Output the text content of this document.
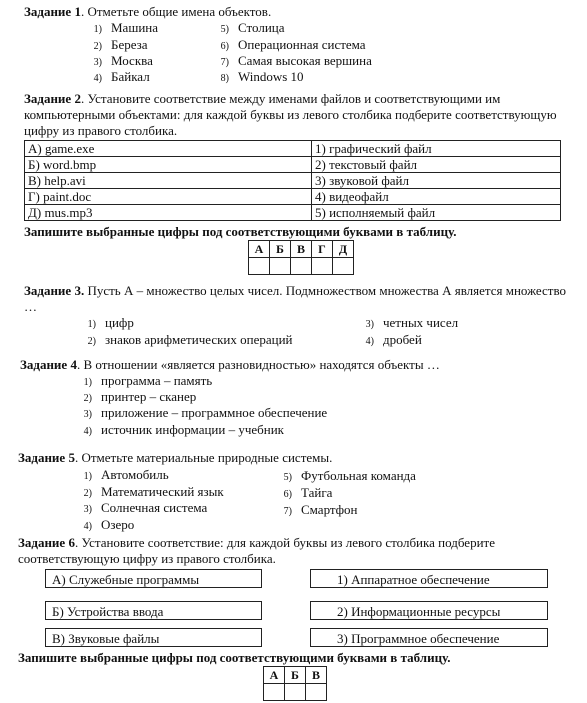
Задание 1. Отметьте общие имена объектов.
1) Машина
2) Береза
3) Москва
4) Байкал
5) Столица
6) Операционная система
7) Самая высокая вершина
8) Windows 10
Задание 2. Установите соответствие между именами файлов и соответствующими им компьютерными объектами: для каждой буквы из левого столбика подберите соответствующую цифру из правого столбика.
А) game.exe	1) графический файл
Б) word.bmp	2) текстовый файл
В) help.avi	3) звуковой файл
Г) paint.doc	4) видеофайл
Д) mus.mp3	5) исполняемый файл
Запишите выбранные цифры под соответствующими буквами в таблицу.
А	Б	В	Г	Д

Задание 3. Пусть А – множество целых чисел. Подмножеством множества А является множество …
1) цифр
2) знаков арифметических операций
3) четных чисел
4) дробей
Задание 4. В отношении «является разновидностью» находятся объекты …
1) программа – память
2) принтер – сканер
3) приложение – программное обеспечение
4) источник информации – учебник
Задание 5. Отметьте материальные природные системы.
1) Автомобиль
2) Математический язык
3) Солнечная система
4) Озеро
5) Футбольная команда
6) Тайга
7) Смартфон
Задание 6. Установите соответствие: для каждой буквы из левого столбика подберите соответствующую цифру из правого столбика.
А) Служебные программы
Б) Устройства ввода
В) Звуковые файлы
1) Аппаратное обеспечение
2) Информационные ресурсы
3) Программное обеспечение
Запишите выбранные цифры под соответствующими буквами в таблицу.
А	Б	В
